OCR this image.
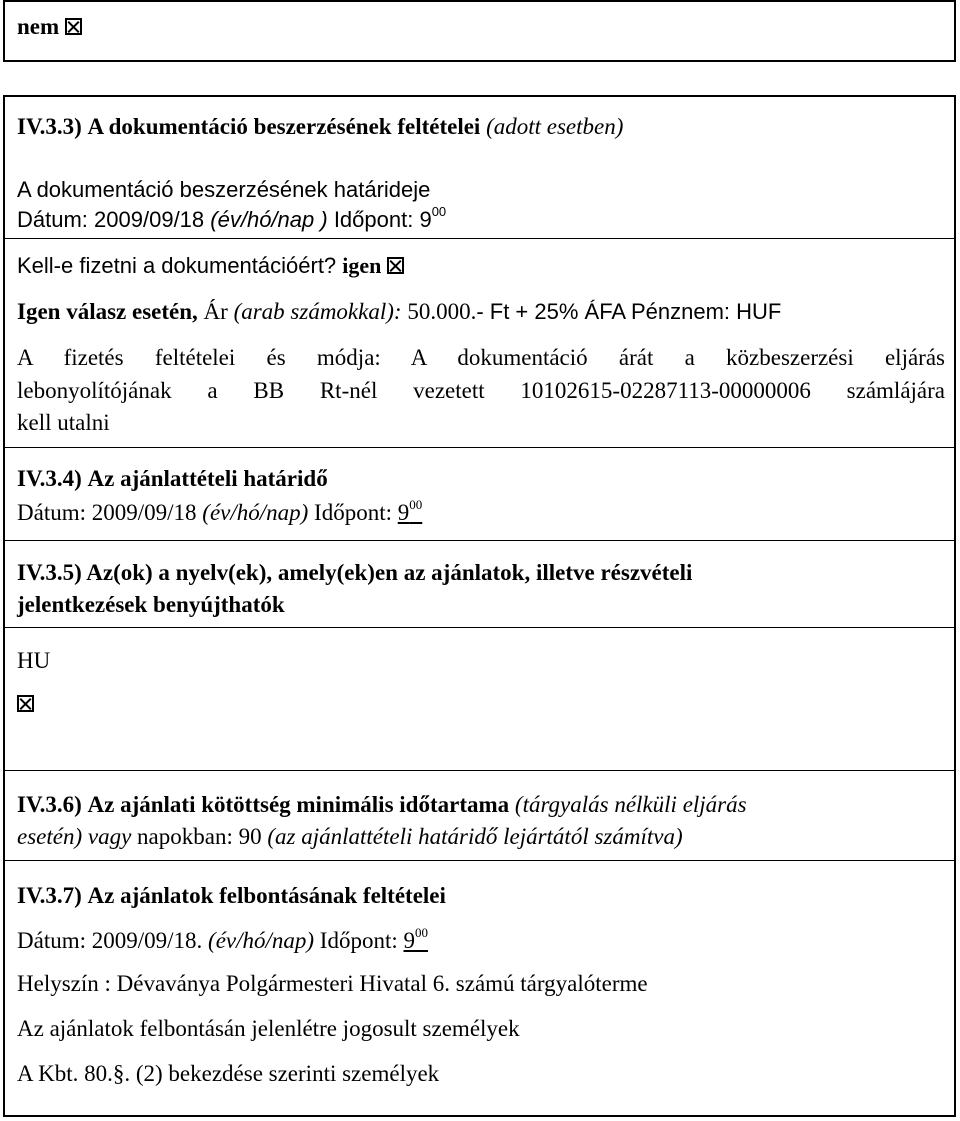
nem
IV.3.3) A dokumentáció beszerzésének feltételei (adott esetben)
A dokumentáció beszerzésének határideje
Dátum: 2009/09/18 (év/hó/nap ) Időpont: $9^{00}$
Kell-e fizetni a dokumentációért? igen
Igen válasz esetén, Ár (arab számokkal): 50.000.- Ft + 25% ÁFA Pénznem: HUF
A fizetés feltételei és módja: A dokumentáció árát a közbeszerzési eljárás
lebonyolítójának a BB Rt-nél vezetett 10102615-02287113-00000006 számlájára
kell utalni
IV.3.4) Az ajánlattételi határidő
Dátum: 2009/09/18 (év/hó/nap) Időpont: $9^{00}$
IV.3.5) Az(ok) a nyelv(ek), amely(ek)en az ajánlatok, illetve részvételi
jelentkezések benyújthatók
HU
IV.3.6) Az ajánlati kötöttség minimális időtartama (tárgyalás nélküli eljárás
esetén) vagy napokban: 90 (az ajánlattételi határidő lejártától számítva)
IV.3.7) Az ajánlatok felbontásának feltételei
Dátum: 2009/09/18. (év/hó/nap) Időpont: $9^{00}$
Helyszín : Dévaványa Polgármesteri Hivatal 6. számú tárgyalóterme
Az ajánlatok felbontásán jelenlétre jogosult személyek
A Kbt. 80.§. (2) bekezdése szerinti személyek
